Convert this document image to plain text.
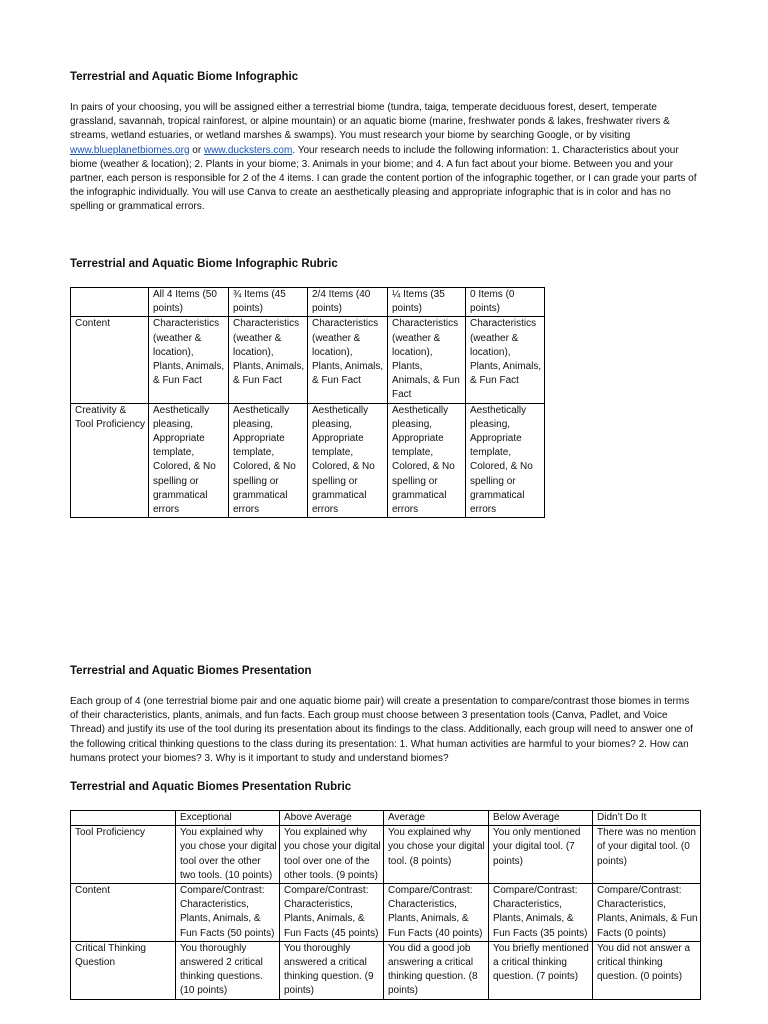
Terrestrial and Aquatic Biome Infographic

In pairs of your choosing, you will be assigned either a terrestrial biome (tundra, taiga, temperate deciduous forest, desert, temperate grassland, savannah, tropical rainforest, or alpine mountain) or an aquatic biome (marine, freshwater ponds & lakes, freshwater rivers & streams, wetland estuaries, or wetland marshes & swamps). You must research your biome by searching Google, or by visiting www.blueplanetbiomes.org or www.ducksters.com. Your research needs to include the following information: 1. Characteristics about your biome (weather & location); 2. Plants in your biome; 3. Animals in your biome; and 4. A fun fact about your biome. Between you and your partner, each person is responsible for 2 of the 4 items. I can grade the content portion of the infographic together, or I can grade your parts of the infographic individually. You will use Canva to create an aesthetically pleasing and appropriate infographic that is in color and has no spelling or grammatical errors.

Terrestrial and Aquatic Biome Infographic Rubric
	All 4 Items (50 points)	¾ Items (45 points)	2/4 Items (40 points)	¼ Items (35 points)	0 Items (0 points)
Content	Characteristics (weather & location), Plants, Animals, & Fun Fact	Characteristics (weather & location), Plants, Animals, & Fun Fact	Characteristics (weather & location), Plants, Animals, & Fun Fact	Characteristics (weather & location), Plants, Animals, & Fun Fact	Characteristics (weather & location), Plants, Animals, & Fun Fact
Creativity & Tool Proficiency	Aesthetically pleasing, Appropriate template, Colored, & No spelling or grammatical errors	Aesthetically pleasing, Appropriate template, Colored, & No spelling or grammatical errors	Aesthetically pleasing, Appropriate template, Colored, & No spelling or grammatical errors	Aesthetically pleasing, Appropriate template, Colored, & No spelling or grammatical errors	Aesthetically pleasing, Appropriate template, Colored, & No spelling or grammatical errors
Terrestrial and Aquatic Biomes Presentation

Each group of 4 (one terrestrial biome pair and one aquatic biome pair) will create a presentation to compare/contrast those biomes in terms of their characteristics, plants, animals, and fun facts. Each group must choose between 3 presentation tools (Canva, Padlet, and Voice Thread) and justify its use of the tool during its presentation about its findings to the class. Additionally, each group will need to answer one of the following critical thinking questions to the class during its presentation: 1. What human activities are harmful to your biomes? 2. How can humans protect your biomes? 3. Why is it important to study and understand biomes?

Terrestrial and Aquatic Biomes Presentation Rubric
	Exceptional	Above Average	Average	Below Average	Didn’t Do It
Tool Proficiency	You explained why you chose your digital tool over the other two tools. (10 points)	You explained why you chose your digital tool over one of the other tools. (9 points)	You explained why you chose your digital tool. (8 points)	You only mentioned your digital tool. (7 points)	There was no mention of your digital tool. (0 points)
Content	Compare/Contrast: Characteristics, Plants, Animals, & Fun Facts (50 points)	Compare/Contrast: Characteristics, Plants, Animals, & Fun Facts (45 points)	Compare/Contrast: Characteristics, Plants, Animals, & Fun Facts (40 points)	Compare/Contrast: Characteristics, Plants, Animals, & Fun Facts (35 points)	Compare/Contrast: Characteristics, Plants, Animals, & Fun Facts (0 points)
Critical Thinking Question	You thoroughly answered 2 critical thinking questions. (10 points)	You thoroughly answered a critical thinking question. (9 points)	You did a good job answering a critical thinking question. (8 points)	You briefly mentioned a critical thinking question. (7 points)	You did not answer a critical thinking question. (0 points)
